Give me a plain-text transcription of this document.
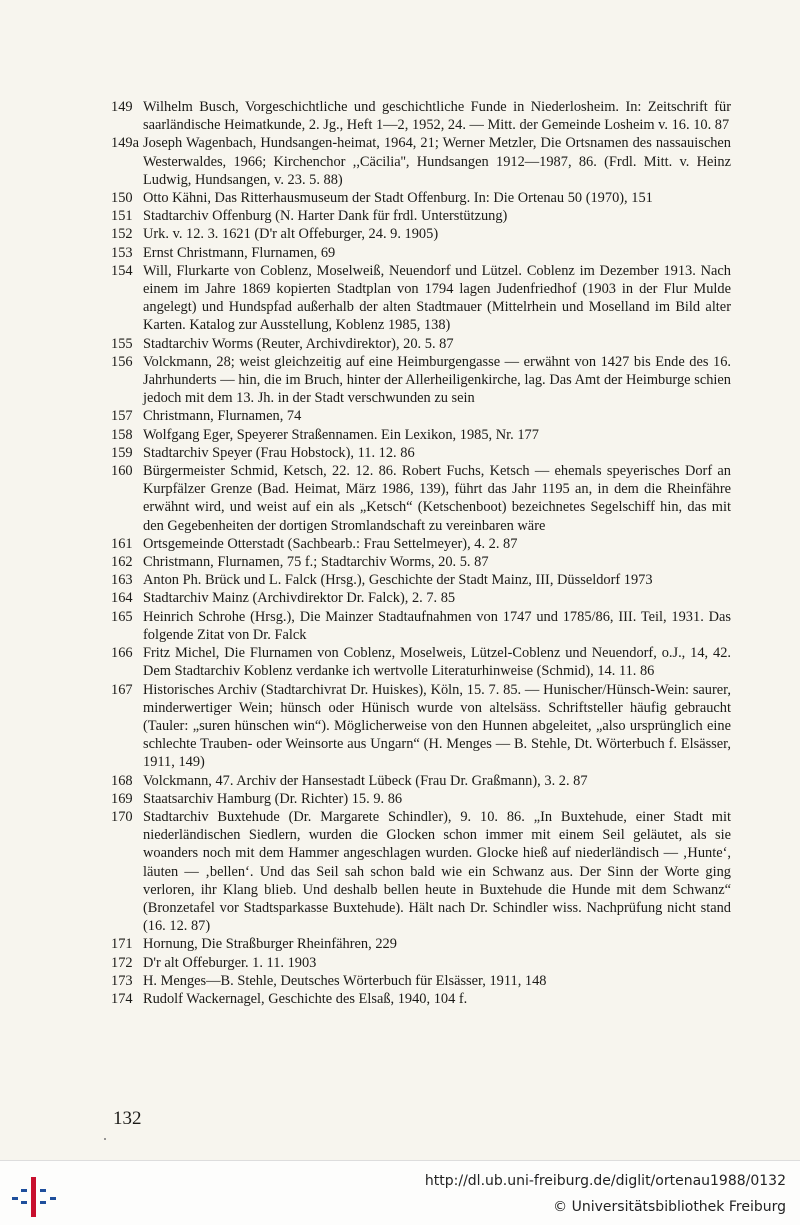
149 Wilhelm Busch, Vorgeschichtliche und geschichtliche Funde in Niederlosheim. In: Zeitschrift für saarländische Heimatkunde, 2. Jg., Heft 1—2, 1952, 24. — Mitt. der Gemeinde Losheim v. 16. 10. 87
149a Joseph Wagenbach, Hundsangen-heimat, 1964, 21; Werner Metzler, Die Ortsnamen des nassauischen Westerwaldes, 1966; Kirchenchor ,,Cäcilia'', Hundsangen 1912—1987, 86. (Frdl. Mitt. v. Heinz Ludwig, Hundsangen, v. 23. 5. 88)
150 Otto Kähni, Das Ritterhausmuseum der Stadt Offenburg. In: Die Ortenau 50 (1970), 151
151 Stadtarchiv Offenburg (N. Harter Dank für frdl. Unterstützung)
152 Urk. v. 12. 3. 1621 (D'r alt Offeburger, 24. 9. 1905)
153 Ernst Christmann, Flurnamen, 69
154 Will, Flurkarte von Coblenz, Moselweiß, Neuendorf und Lützel. Coblenz im Dezember 1913. Nach einem im Jahre 1869 kopierten Stadtplan von 1794 lagen Judenfriedhof (1903 in der Flur Mulde angelegt) und Hundspfad außerhalb der alten Stadtmauer (Mittelrhein und Moselland im Bild alter Karten. Katalog zur Ausstellung, Koblenz 1985, 138)
155 Stadtarchiv Worms (Reuter, Archivdirektor), 20. 5. 87
156 Volckmann, 28; weist gleichzeitig auf eine Heimburgengasse — erwähnt von 1427 bis Ende des 16. Jahrhunderts — hin, die im Bruch, hinter der Allerheiligenkirche, lag. Das Amt der Heimburge schien jedoch mit dem 13. Jh. in der Stadt verschwunden zu sein
157 Christmann, Flurnamen, 74
158 Wolfgang Eger, Speyerer Straßennamen. Ein Lexikon, 1985, Nr. 177
159 Stadtarchiv Speyer (Frau Hobstock), 11. 12. 86
160 Bürgermeister Schmid, Ketsch, 22. 12. 86. Robert Fuchs, Ketsch — ehemals speyerisches Dorf an Kurpfälzer Grenze (Bad. Heimat, März 1986, 139), führt das Jahr 1195 an, in dem die Rheinfähre erwähnt wird, und weist auf ein als „Ketsch“ (Ketschenboot) bezeichnetes Segelschiff hin, das mit den Gegebenheiten der dortigen Stromlandschaft zu vereinbaren wäre
161 Ortsgemeinde Otterstadt (Sachbearb.: Frau Settelmeyer), 4. 2. 87
162 Christmann, Flurnamen, 75 f.; Stadtarchiv Worms, 20. 5. 87
163 Anton Ph. Brück und L. Falck (Hrsg.), Geschichte der Stadt Mainz, III, Düsseldorf 1973
164 Stadtarchiv Mainz (Archivdirektor Dr. Falck), 2. 7. 85
165 Heinrich Schrohe (Hrsg.), Die Mainzer Stadtaufnahmen von 1747 und 1785/86, III. Teil, 1931. Das folgende Zitat von Dr. Falck
166 Fritz Michel, Die Flurnamen von Coblenz, Moselweis, Lützel-Coblenz und Neuendorf, o.J., 14, 42. Dem Stadtarchiv Koblenz verdanke ich wertvolle Literaturhinweise (Schmid), 14. 11. 86
167 Historisches Archiv (Stadtarchivrat Dr. Huiskes), Köln, 15. 7. 85. — Hunischer/Hünsch-Wein: saurer, minderwertiger Wein; hünsch oder Hünisch wurde von altelsäss. Schriftsteller häufig gebraucht (Tauler: „suren hünschen win“). Möglicherweise von den Hunnen abgeleitet, „also ursprünglich eine schlechte Trauben- oder Weinsorte aus Ungarn“ (H. Menges — B. Stehle, Dt. Wörterbuch f. Elsässer, 1911, 149)
168 Volckmann, 47. Archiv der Hansestadt Lübeck (Frau Dr. Graßmann), 3. 2. 87
169 Staatsarchiv Hamburg (Dr. Richter) 15. 9. 86
170 Stadtarchiv Buxtehude (Dr. Margarete Schindler), 9. 10. 86. „In Buxtehude, einer Stadt mit niederländischen Siedlern, wurden die Glocken schon immer mit einem Seil geläutet, als sie woanders noch mit dem Hammer angeschlagen wurden. Glocke hieß auf niederländisch — ‚Hunte‘, läuten — ‚bellen‘. Und das Seil sah schon bald wie ein Schwanz aus. Der Sinn der Worte ging verloren, ihr Klang blieb. Und deshalb bellen heute in Buxtehude die Hunde mit dem Schwanz“ (Bronzetafel vor Stadtsparkasse Buxtehude). Hält nach Dr. Schindler wiss. Nachprüfung nicht stand (16. 12. 87)
171 Hornung, Die Straßburger Rheinfähren, 229
172 D'r alt Offeburger. 1. 11. 1903
173 H. Menges—B. Stehle, Deutsches Wörterbuch für Elsässer, 1911, 148
174 Rudolf Wackernagel, Geschichte des Elsaß, 1940, 104 f.
132
http://dl.ub.uni-freiburg.de/diglit/ortenau1988/0132
© Universitätsbibliothek Freiburg
